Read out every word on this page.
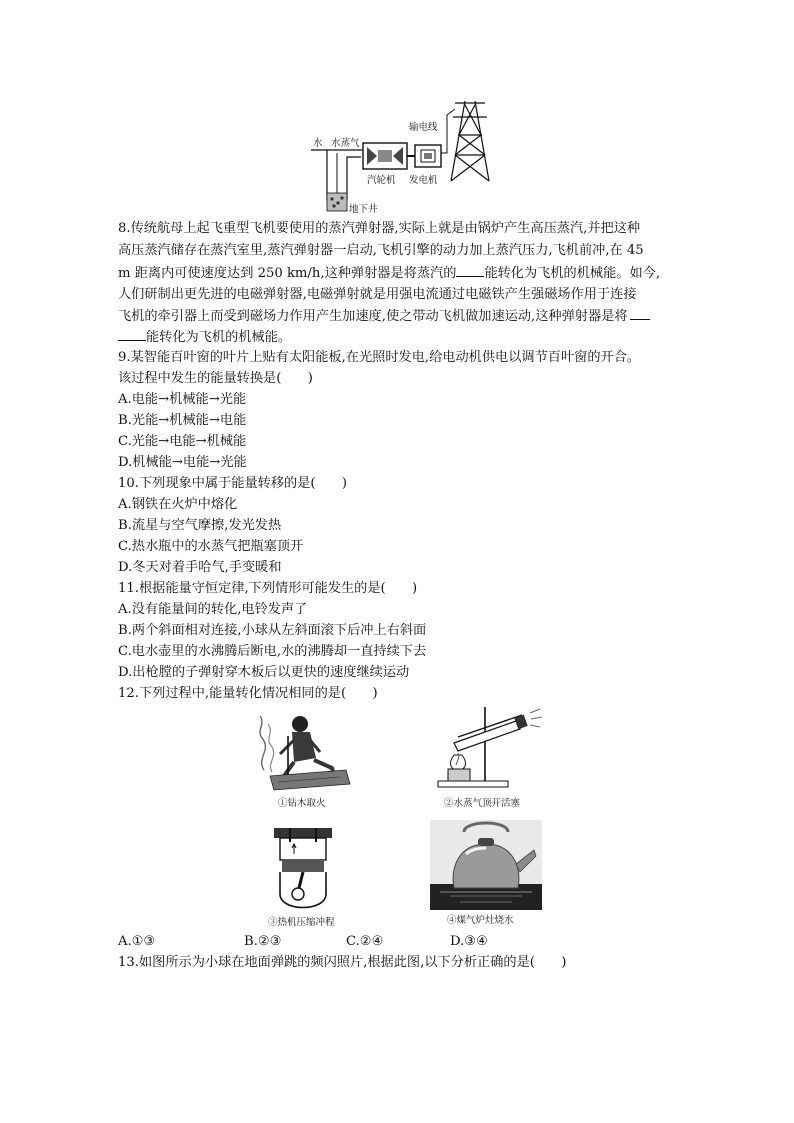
水 水蒸气
汽轮机 发电机
输电线
地下井
8.传统航母上起飞重型飞机要使用的蒸汽弹射器,实际上就是由锅炉产生高压蒸汽,并把这种
高压蒸汽储存在蒸汽室里,蒸汽弹射器一启动,飞机引擎的动力加上蒸汽压力,飞机前冲,在 45
m 距离内可使速度达到 250 km/h,这种弹射器是将蒸汽的 能转化为飞机的机械能。如今,
人们研制出更先进的电磁弹射器,电磁弹射就是用强电流通过电磁铁产生强磁场作用于连接
飞机的牵引器上而受到磁场力作用产生加速度,使之带动飞机做加速运动,这种弹射器是将
能转化为飞机的机械能。
9.某智能百叶窗的叶片上贴有太阳能板,在光照时发电,给电动机供电以调节百叶窗的开合。
该过程中发生的能量转换是(　　)
A.电能→机械能→光能
B.光能→机械能→电能
C.光能→电能→机械能
D.机械能→电能→光能
10.下列现象中属于能量转移的是(　　)
A.钢铁在火炉中熔化
B.流星与空气摩擦,发光发热
C.热水瓶中的水蒸气把瓶塞顶开
D.冬天对着手哈气,手变暖和
11.根据能量守恒定律,下列情形可能发生的是(　　)
A.没有能量间的转化,电铃发声了
B.两个斜面相对连接,小球从左斜面滚下后冲上右斜面
C.电水壶里的水沸腾后断电,水的沸腾却一直持续下去
D.出枪膛的子弹射穿木板后以更快的速度继续运动
12.下列过程中,能量转化情况相同的是(　　)
①钻木取火	②水蒸气顶开活塞
③热机压缩冲程	④煤气炉灶烧水
A.①③	B.②③	C.②④	D.③④
13.如图所示为小球在地面弹跳的频闪照片,根据此图,以下分析正确的是(　　)
